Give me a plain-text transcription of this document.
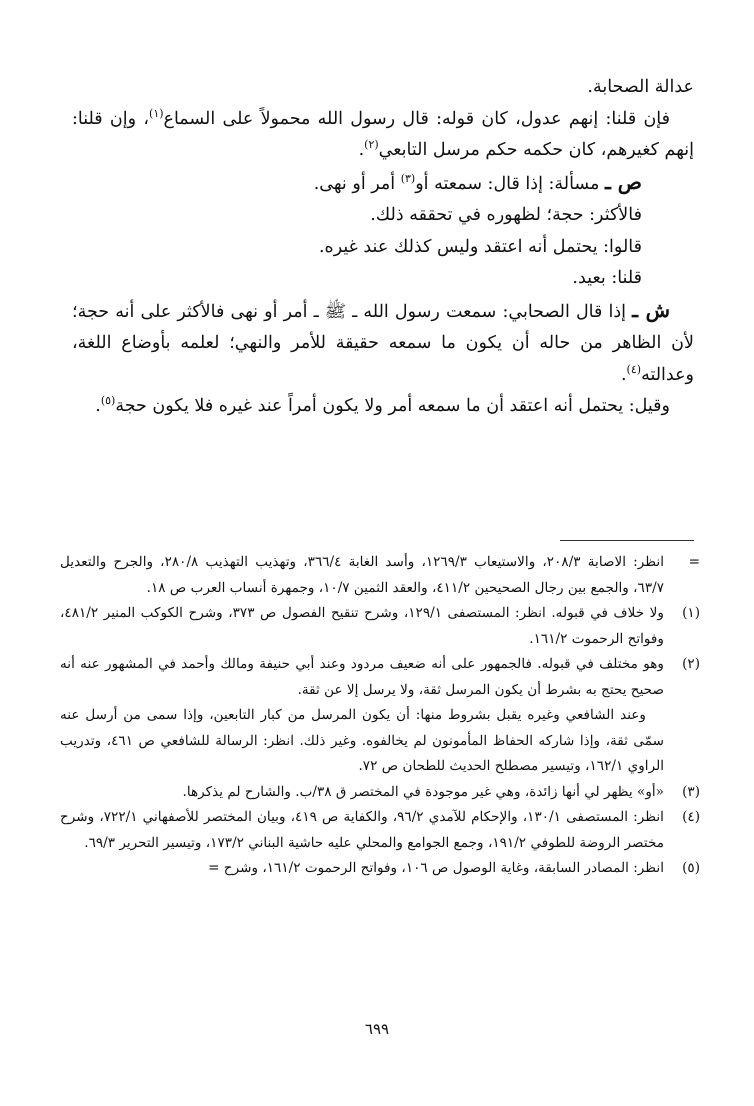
عدالة الصحابة.

فإن قلنا: إنهم عدول، كان قوله: قال رسول الله محمولاً على السماع$^{(١)}$، وإن قلنا: إنهم كغيرهم، كان حكمه حكم مرسل التابعي$^{(٢)}$.

ص ـ مسألة: إذا قال: سمعته أو$^{(٣)}$ أمر أو نهى.

فالأكثر: حجة؛ لظهوره في تحققه ذلك.

قالوا: يحتمل أنه اعتقد وليس كذلك عند غيره.

قلنا: بعيد.

ش ـ إذا قال الصحابي: سمعت رسول الله ـ ﷺ ـ أمر أو نهى فالأكثر على أنه حجة؛ لأن الظاهر من حاله أن يكون ما سمعه حقيقة للأمر والنهي؛ لعلمه بأوضاع اللغة، وعدالته$^{(٤)}$.

وقيل: يحتمل أنه اعتقد أن ما سمعه أمر ولا يكون أمراً عند غيره فلا يكون حجة$^{(٥)}$.

=
انظر: الاصابة ٢٠٨/٣، والاستيعاب ١٢٦٩/٣، وأسد الغابة ٣٦٦/٤، وتهذيب التهذيب ٢٨٠/٨، والجرح والتعديل ٦٣/٧، والجمع بين رجال الصحيحين ٤١١/٢، والعقد الثمين ١٠/٧، وجمهرة أنساب العرب ص ١٨.
(١)
ولا خلاف في قبوله. انظر: المستصفى ١٢٩/١، وشرح تنقيح الفصول ص ٣٧٣، وشرح الكوكب المنير ٤٨١/٢، وفواتح الرحموت ١٦١/٢.
(٢)
وهو مختلف في قبوله. فالجمهور على أنه ضعيف مردود وعند أبي حنيفة ومالك وأحمد في المشهور عنه أنه صحيح يحتج به بشرط أن يكون المرسل ثقة، ولا يرسل إلا عن ثقة.
وعند الشافعي وغيره يقبل بشروط منها: أن يكون المرسل من كبار التابعين، وإذا سمى من أرسل عنه سمّى ثقة، وإذا شاركه الحفاظ المأمونون لم يخالفوه. وغير ذلك. انظر: الرسالة للشافعي ص ٤٦١، وتدريب الراوي ١٦٢/١، وتيسير مصطلح الحديث للطحان ص ٧٢.
(٣)
«أو» يظهر لي أنها زائدة، وهي غير موجودة في المختصر ق ٣٨/ب. والشارح لم يذكرها.
(٤)
انظر: المستصفى ١٣٠/١، والإحكام للآمدي ٩٦/٢، والكفاية ص ٤١٩، وبيان المختصر للأصفهاني ٧٢٢/١، وشرح مختصر الروضة للطوفي ١٩١/٢، وجمع الجوامع والمحلي عليه حاشية البناني ١٧٣/٢، وتيسير التحرير ٦٩/٣.
(٥)
انظر: المصادر السابقة، وغاية الوصول ص ١٠٦، وفواتح الرحموت ١٦١/٢، وشرح =
٦٩٩
